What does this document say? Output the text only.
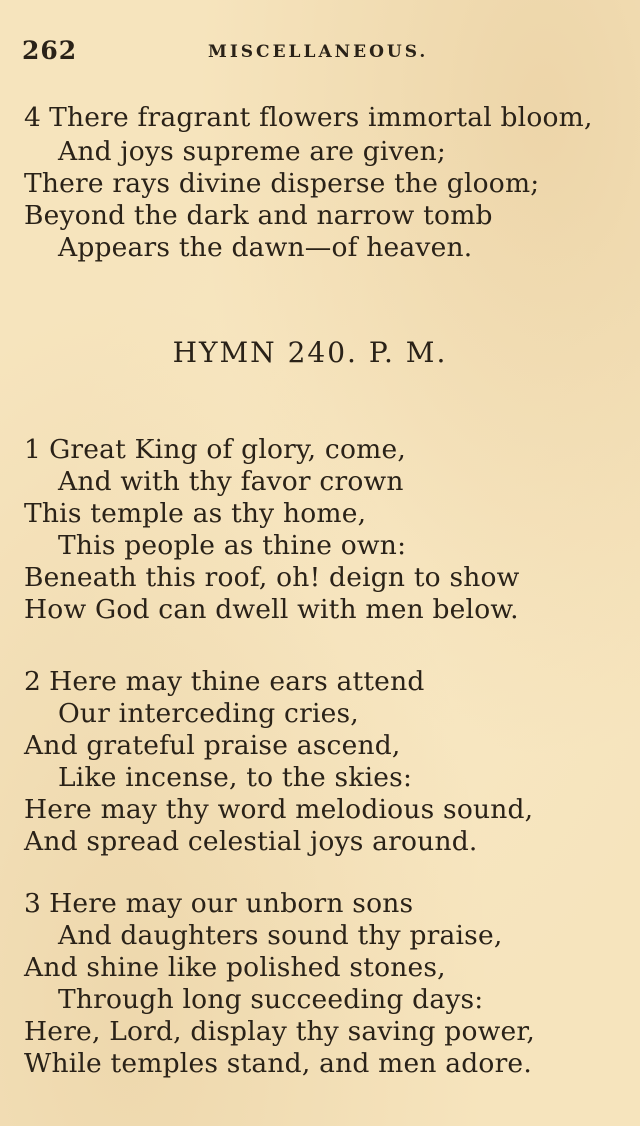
262	MISCELLANEOUS.
4 There fragrant flowers immortal bloom,
And joys supreme are given;
There rays divine disperse the gloom;
Beyond the dark and narrow tomb
Appears the dawn—of heaven.
HYMN 240. P. M.
1 Great King of glory, come,
And with thy favor crown
This temple as thy home,
This people as thine own:
Beneath this roof, oh! deign to show
How God can dwell with men below.
2 Here may thine ears attend
Our interceding cries,
And grateful praise ascend,
Like incense, to the skies:
Here may thy word melodious sound,
And spread celestial joys around.
3 Here may our unborn sons
And daughters sound thy praise,
And shine like polished stones,
Through long succeeding days:
Here, Lord, display thy saving power,
While temples stand, and men adore.
